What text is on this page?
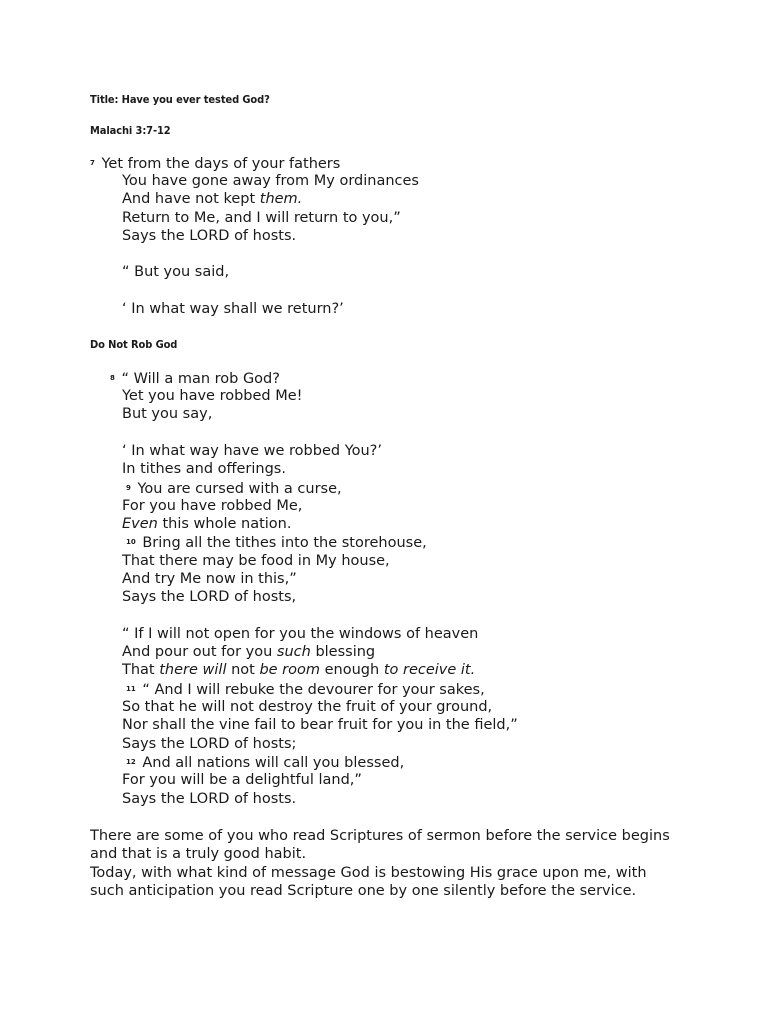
Title: Have you ever tested God?
Malachi 3:7-12
$^7$ Yet from the days of your fathers
You have gone away from My ordinances
And have not kept them.
Return to Me, and I will return to you,”
Says the LORD of hosts.
“ But you said,
‘ In what way shall we return?’
Do Not Rob God
$^8$ “ Will a man rob God?
Yet you have robbed Me!
But you say,
‘ In what way have we robbed You?’
In tithes and offerings.
$^9$ You are cursed with a curse,
For you have robbed Me,
Even this whole nation.
$^{10}$ Bring all the tithes into the storehouse,
That there may be food in My house,
And try Me now in this,”
Says the LORD of hosts,
“ If I will not open for you the windows of heaven
And pour out for you such blessing
That there will not be room enough to receive it.
$^{11}$ “ And I will rebuke the devourer for your sakes,
So that he will not destroy the fruit of your ground,
Nor shall the vine fail to bear fruit for you in the field,”
Says the LORD of hosts;
$^{12}$ And all nations will call you blessed,
For you will be a delightful land,”
Says the LORD of hosts.
There are some of you who read Scriptures of sermon before the service begins and that is a truly good habit.
Today, with what kind of message God is bestowing His grace upon me, with such anticipation you read Scripture one by one silently before the service.
